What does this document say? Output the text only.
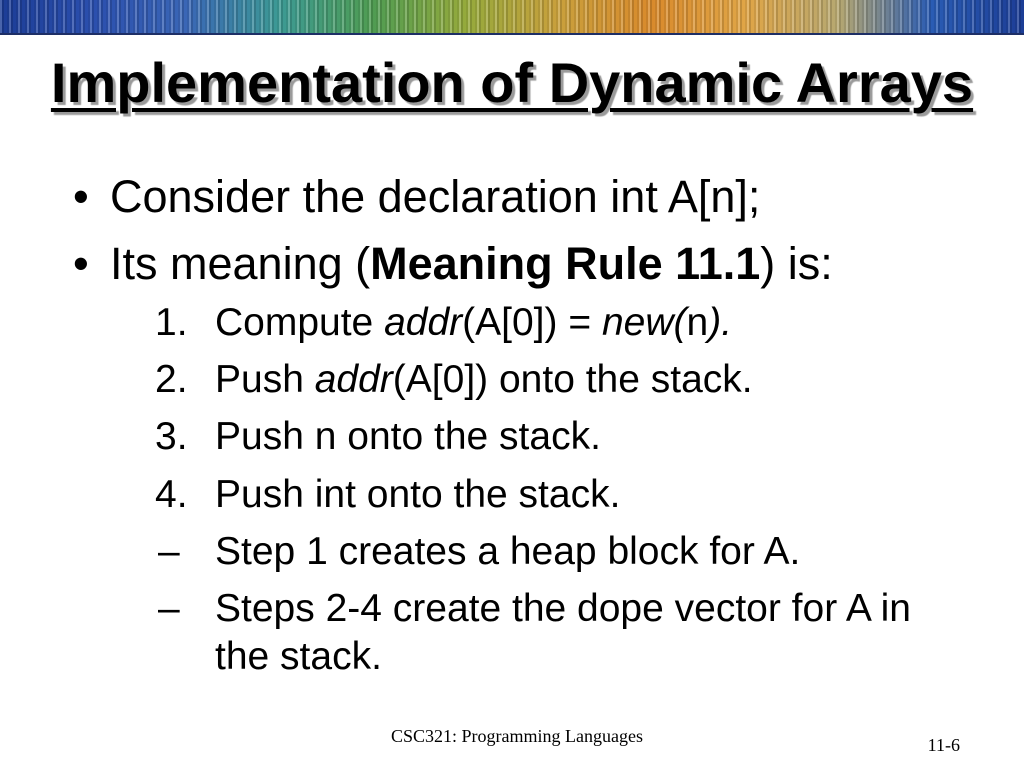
Implementation of Dynamic Arrays
• Consider the declaration int A[n];
• Its meaning (Meaning Rule 11.1) is:
1. Compute addr(A[0]) = new(n).
2. Push addr(A[0]) onto the stack.
3. Push n onto the stack.
4. Push int onto the stack.
– Step 1 creates a heap block for A.
– Steps 2-4 create the dope vector for A in the stack.
CSC321: Programming Languages	11-6
